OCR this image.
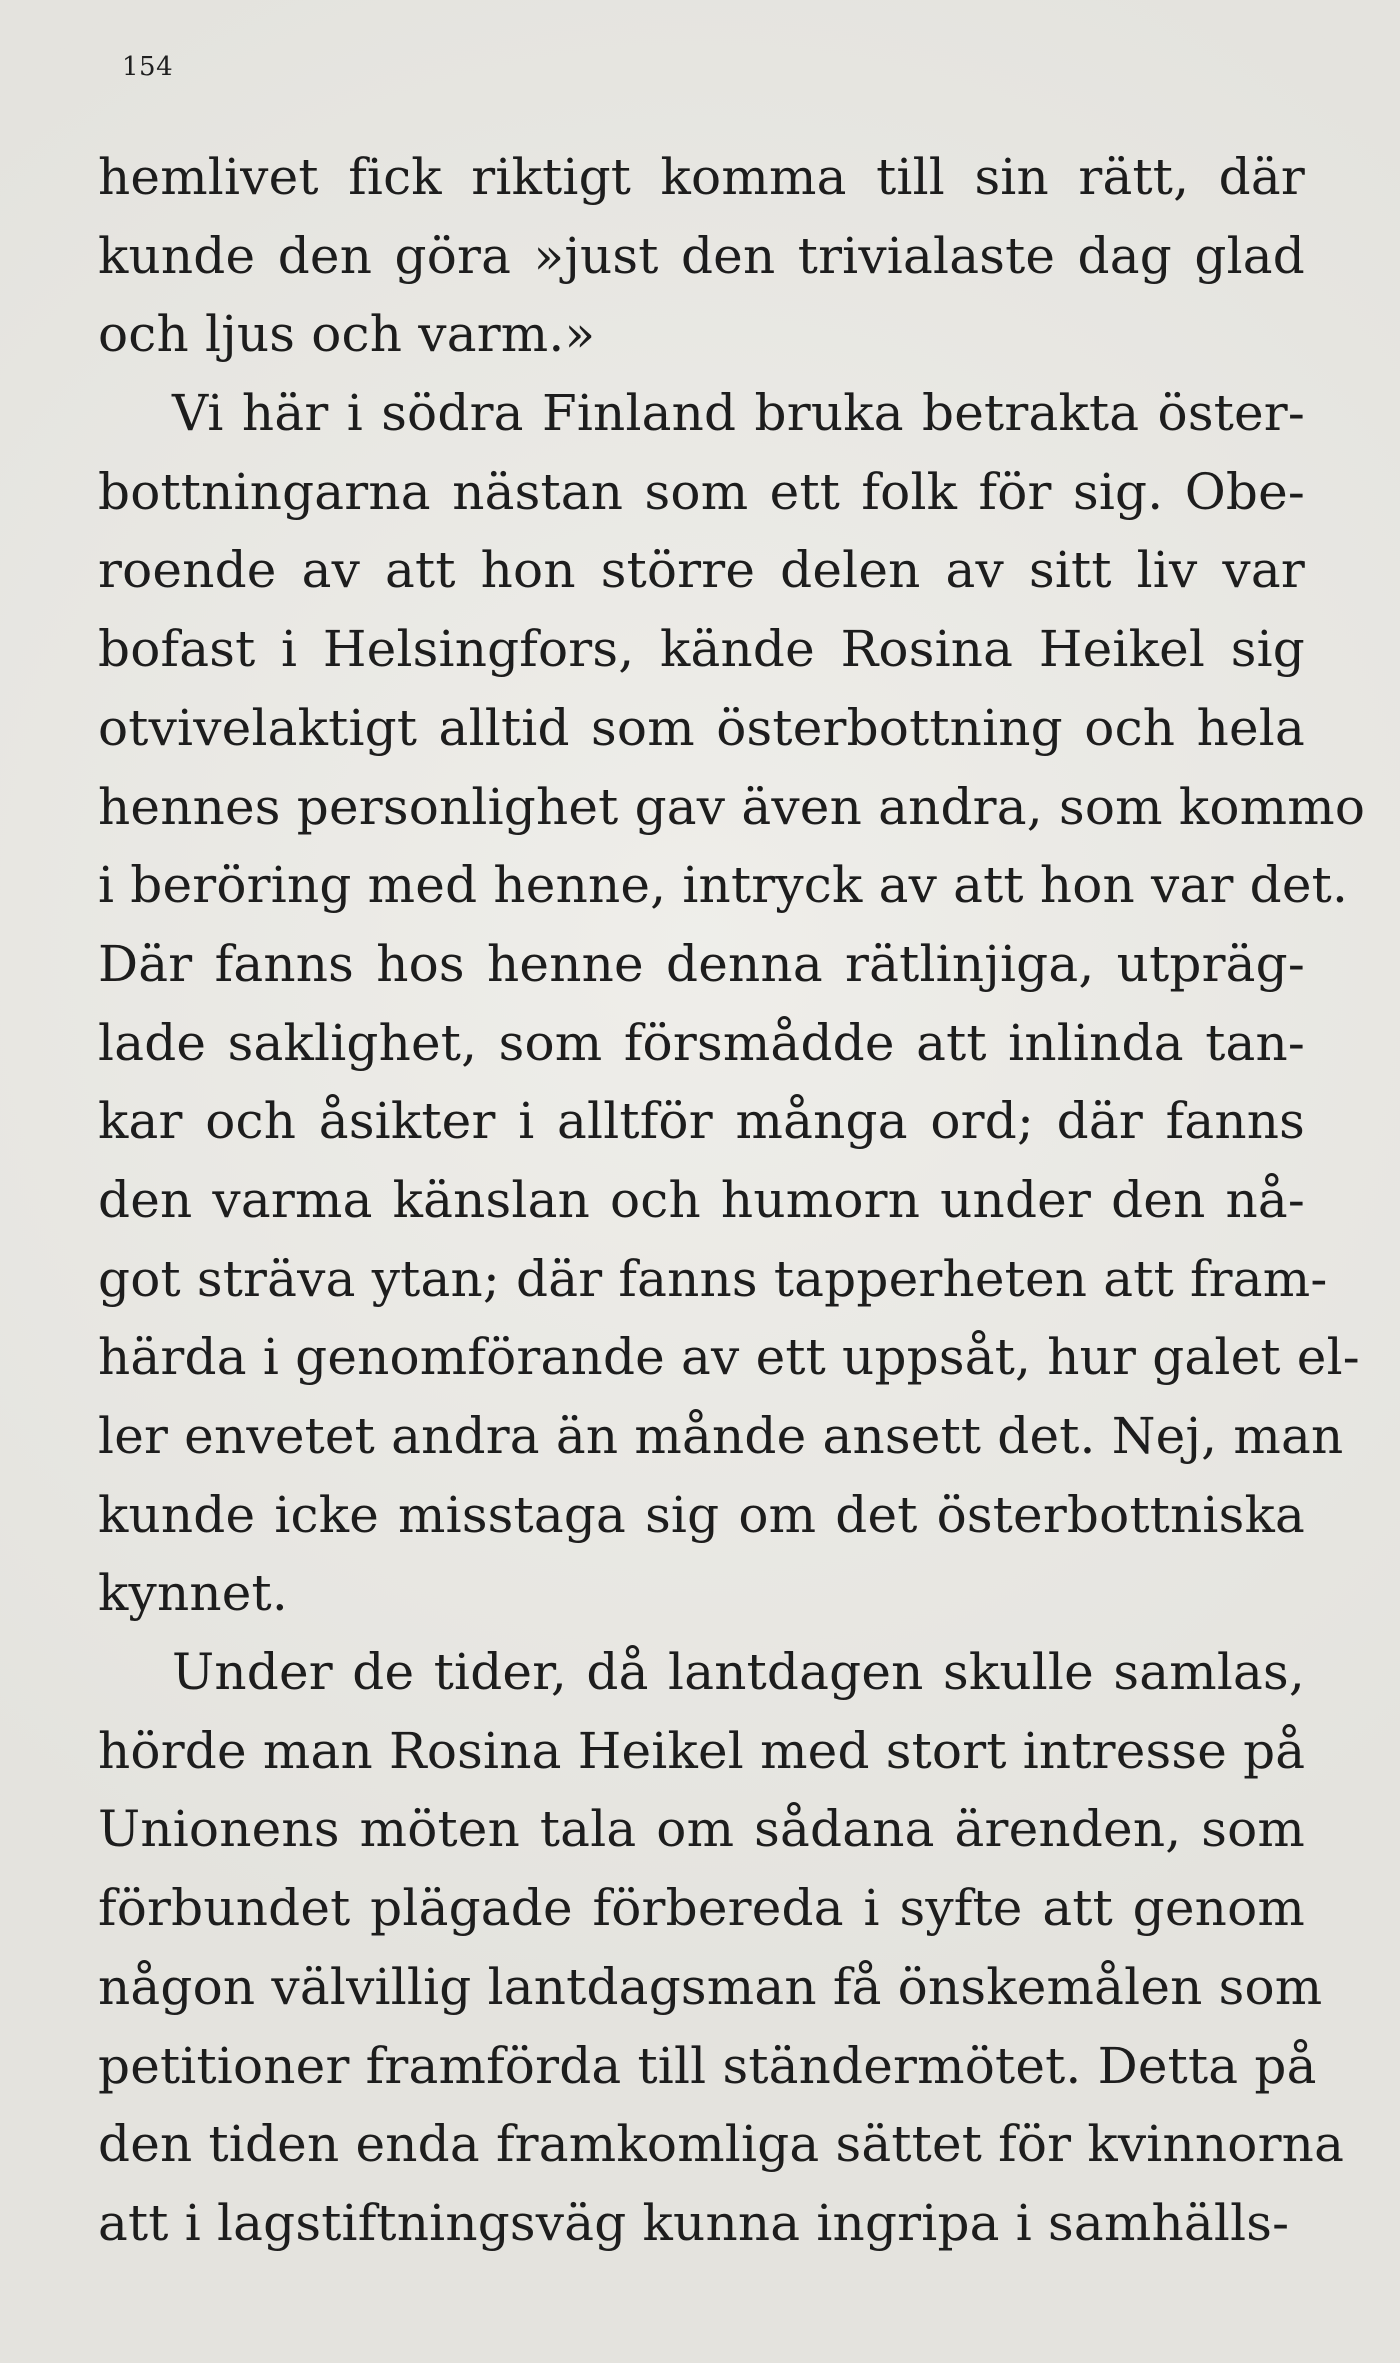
154
hemlivet fick riktigt komma till sin rätt, där
kunde den göra »just den trivialaste dag glad
och ljus och varm.»
Vi här i södra Finland bruka betrakta öster-
bottningarna nästan som ett folk för sig. Obe-
roende av att hon större delen av sitt liv var
bofast i Helsingfors, kände Rosina Heikel sig
otvivelaktigt alltid som österbottning och hela
hennes personlighet gav även andra, som kommo
i beröring med henne, intryck av att hon var det.
Där fanns hos henne denna rätlinjiga, utpräg-
lade saklighet, som försmådde att inlinda tan-
kar och åsikter i alltför många ord; där fanns
den varma känslan och humorn under den nå-
got sträva ytan; där fanns tapperheten att fram-
härda i genomförande av ett uppsåt, hur galet el-
ler envetet andra än månde ansett det. Nej, man
kunde icke misstaga sig om det österbottniska
kynnet.
Under de tider, då lantdagen skulle samlas,
hörde man Rosina Heikel med stort intresse på
Unionens möten tala om sådana ärenden, som
förbundet plägade förbereda i syfte att genom
någon välvillig lantdagsman få önskemålen som
petitioner framförda till ständermötet. Detta på
den tiden enda framkomliga sättet för kvinnorna
att i lagstiftningsväg kunna ingripa i samhälls-
